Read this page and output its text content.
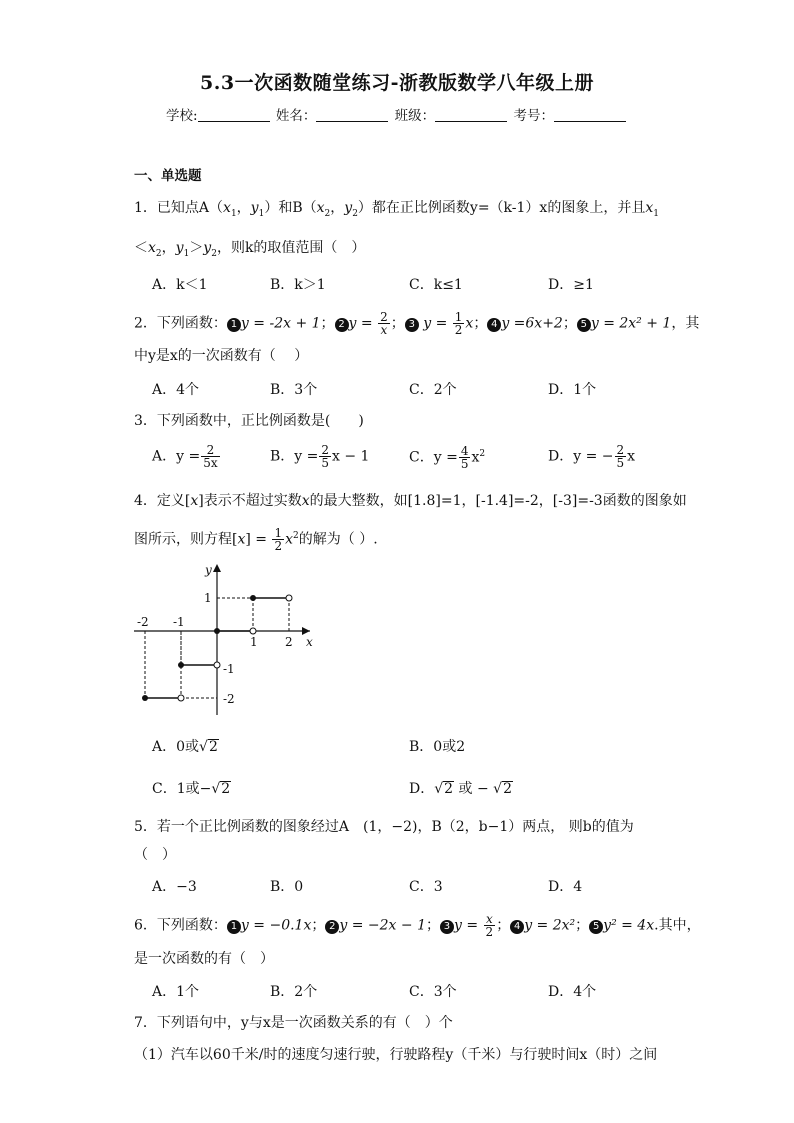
5.3一次函数随堂练习-浙教版数学八年级上册
学校:	姓名：	班级：	考号：
一、单选题
1．已知点$A(x_1$，$y_1$）和$B(x_2$，$y_2$）都在正比例函数y=（k-1）x的图象上，并且$x_1$
$<x_2$，$y_1>y_2$，则k的取值范围（　）
A．k＜1	B．k＞1	C．k≤1	D．≥1
2．下列函数： 1 y = -2x + 1； 2 $y = \frac{2}{x}$ ； 3 $y = \frac{1}{2}$ x； 4 y =6x+2； 5 y = 2x² + 1，其
中y是x的一次函数有（　 ）
A．4个	B．3个	C．2个	D．1个
3．下列函数中，正比例函数是(　　)
A．$y = \frac{2}{5x}$	B．$y = \frac{2}{5}$ x − 1	C．$y = \frac{4}{5} x^2$	D．y = − $\frac{2}{5}$ x
4．定义[x]表示不超过实数x的最大整数，如[1.8]=1，[-1.4]=-2，[-3]=-3函数的图象如
图所示，则方程$[x] = \frac{1}{2} x^2$的解为（ ）.
y
x
-2 -1
1 2
1
-1
-2
A．0或√2	B．0或2
C．1或−√2	D．√2 或 − √2
5．若一个正比例函数的图象经过A　(1，−2)，B（2，b−1）两点， 则b的值为
（　）
A．−3	B．0	C．3	D．4
6．下列函数： 1 y = −0.1x； 2 y = −2x − 1； 3 $y = \frac{x}{2}$ ； 4 y = 2x²； 5 y² = 4x.其中，
是一次函数的有（　）
A．1个	B．2个	C．3个	D．4个
7．下列语句中，y与x是一次函数关系的有（　）个
（1）汽车以60千米/时的速度匀速行驶，行驶路程y（千米）与行驶时间x（时）之间
